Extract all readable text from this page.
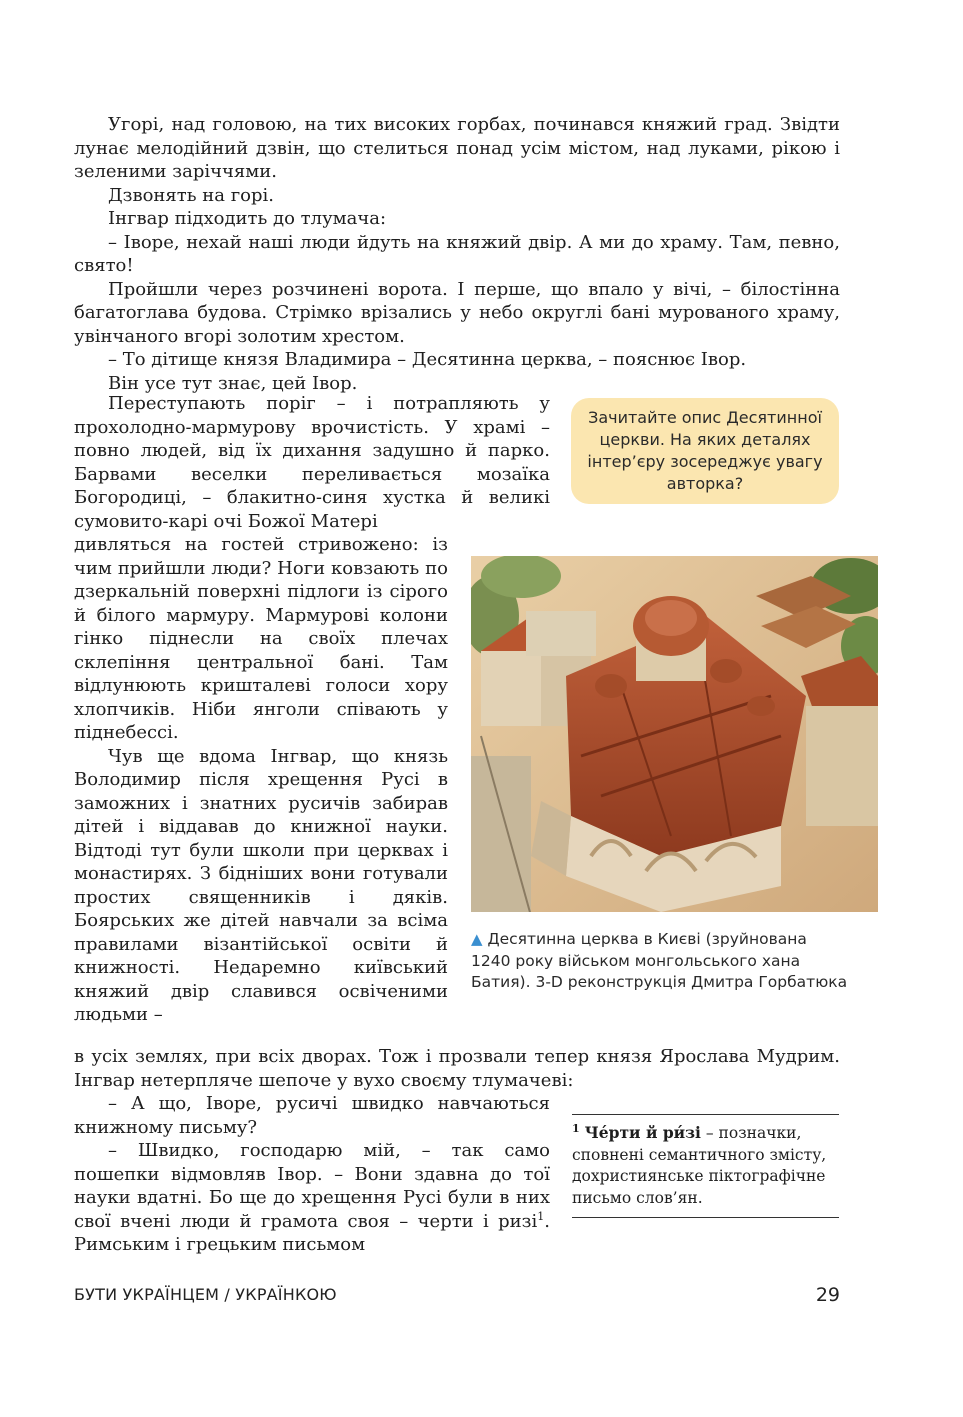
Угорі, над головою, на тих високих горбах, починався княжий град. Звідти лунає мелодійний дзвін, що стелиться понад усім містом, над луками, рікою і зеленими заріччями.

Дзвонять на горі.

Інгвар підходить до тлумача:

– Іворе, нехай наші люди йдуть на княжий двір. А ми до храму. Там, певно, свято!

Пройшли через розчинені ворота. І перше, що впало у вічі, – білостінна багатоглава будова. Стрімко врізались у небо округлі бані мурованого храму, увінчаного вгорі золотим хрестом.

– То дітище князя Владимира – Десятинна церква, – пояснює Івор.

Він усе тут знає, цей Івор.

Переступають поріг – і потрапляють у прохолодно-мармурову врочистість. У храмі – повно людей, від їх дихання задушно й парко. Барвами веселки переливається мозаїка Богородиці, – блакитно-синя хустка й великі сумовито-карі очі Божої Матері

дивляться на гостей стривожено: із чим прийшли люди? Ноги ковзають по дзеркальній поверхні підлоги із сірого й білого мармуру. Мармурові колони гінко піднесли на своїх плечах склепіння центральної бані. Там відлунюють кришталеві голоси хору хлопчиків. Ніби янголи співають у піднебессі.

Чув ще вдома Інгвар, що князь Володимир після хрещення Русі в заможних і знатних русичів забирав дітей і віддавав до книжної науки. Відтоді тут були школи при церквах і монастирях. З бідніших вони готували простих священників і дяків. Боярських же дітей навчали за всіма правилами візантійської освіти й книжності. Недаремно київський княжий двір славився освіченими людьми –

в усіх землях, при всіх дворах. Тож і прозвали тепер князя Ярослава Мудрим. Інгвар нетерпляче шепоче у вухо своєму тлумачеві:

– А що, Іворе, русичі швидко навчаються книжному письму?

– Швидко, господарю мій, – так само пошепки відмовляв Івор. – Вони здавна до тої науки вдатні. Бо ще до хрещення Русі були в них свої вчені люди й грамота своя – черти і ризі$^1$. Римським і грецьким письмом

Зачитайте опис Десятинної церкви. На яких деталях інтер’єру зосереджує увагу авторка?
▲ Десятинна церква в Києві (зруйнована 1240 року військом монгольського хана Батия). 3-D реконструкція Дмитра Горбатюка
$^1$ Че́рти й ри́зі – позначки, сповнені семантичного змісту, дохристиянське піктографічне письмо слов’ян.
БУТИ УКРАЇНЦЕМ / УКРАЇНКОЮ	29
